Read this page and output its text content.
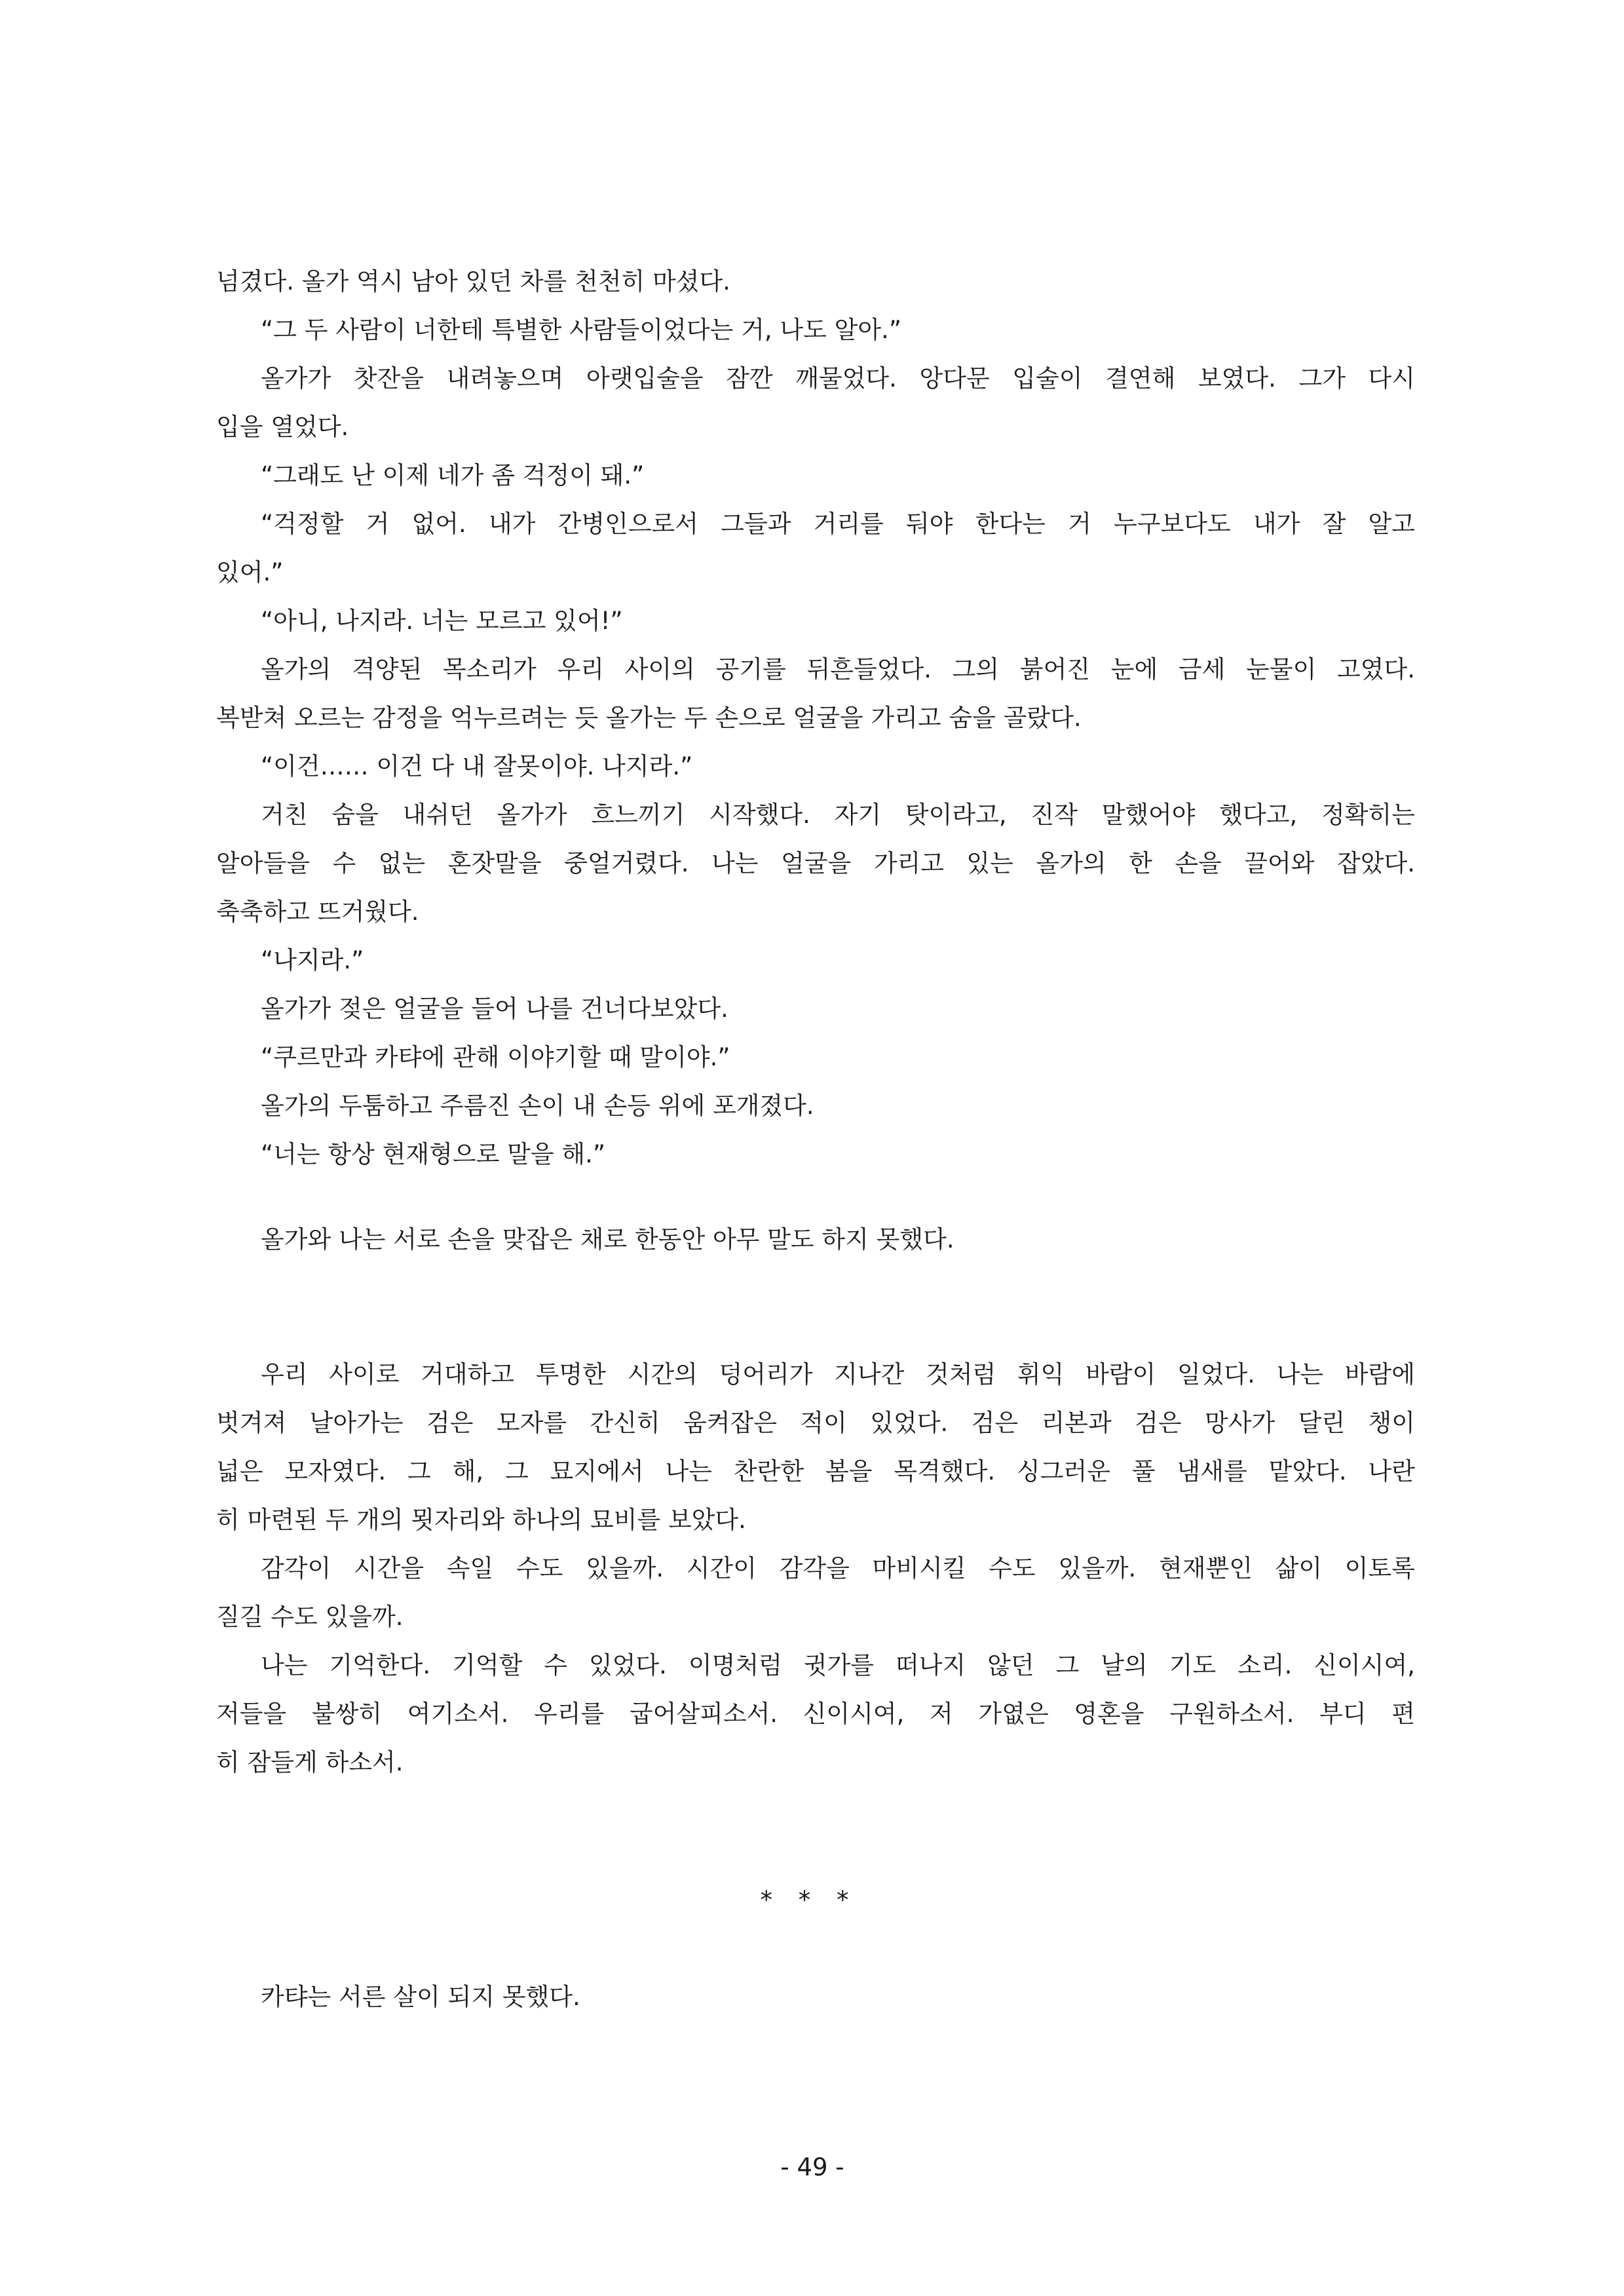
넘겼다. 올가 역시 남아 있던 차를 천천히 마셨다.
“그 두 사람이 너한테 특별한 사람들이었다는 거, 나도 알아.”
올가가 찻잔을 내려놓으며 아랫입술을 잠깐 깨물었다. 앙다문 입술이 결연해 보였다. 그가 다시
입을 열었다.
“그래도 난 이제 네가 좀 걱정이 돼.”
“걱정할 거 없어. 내가 간병인으로서 그들과 거리를 둬야 한다는 거 누구보다도 내가 잘 알고
있어.”
“아니, 나지라. 너는 모르고 있어!”
올가의 격양된 목소리가 우리 사이의 공기를 뒤흔들었다. 그의 붉어진 눈에 금세 눈물이 고였다.
복받쳐 오르는 감정을 억누르려는 듯 올가는 두 손으로 얼굴을 가리고 숨을 골랐다.
“이건…… 이건 다 내 잘못이야. 나지라.”
거친 숨을 내쉬던 올가가 흐느끼기 시작했다. 자기 탓이라고, 진작 말했어야 했다고, 정확히는
알아들을 수 없는 혼잣말을 중얼거렸다. 나는 얼굴을 가리고 있는 올가의 한 손을 끌어와 잡았다.
축축하고 뜨거웠다.
“나지라.”
올가가 젖은 얼굴을 들어 나를 건너다보았다.
“쿠르만과 카탸에 관해 이야기할 때 말이야.”
올가의 두툼하고 주름진 손이 내 손등 위에 포개졌다.
“너는 항상 현재형으로 말을 해.”
올가와 나는 서로 손을 맞잡은 채로 한동안 아무 말도 하지 못했다.
우리 사이로 거대하고 투명한 시간의 덩어리가 지나간 것처럼 휘익 바람이 일었다. 나는 바람에
벗겨져 날아가는 검은 모자를 간신히 움켜잡은 적이 있었다. 검은 리본과 검은 망사가 달린 챙이
넓은 모자였다. 그 해, 그 묘지에서 나는 찬란한 봄을 목격했다. 싱그러운 풀 냄새를 맡았다. 나란
히 마련된 두 개의 묏자리와 하나의 묘비를 보았다.
감각이 시간을 속일 수도 있을까. 시간이 감각을 마비시킬 수도 있을까. 현재뿐인 삶이 이토록
질길 수도 있을까.
나는 기억한다. 기억할 수 있었다. 이명처럼 귓가를 떠나지 않던 그 날의 기도 소리. 신이시여,
저들을 불쌍히 여기소서. 우리를 굽어살피소서. 신이시여, 저 가엾은 영혼을 구원하소서. 부디 편
히 잠들게 하소서.
* * *
카탸는 서른 살이 되지 못했다.
- 49 -
